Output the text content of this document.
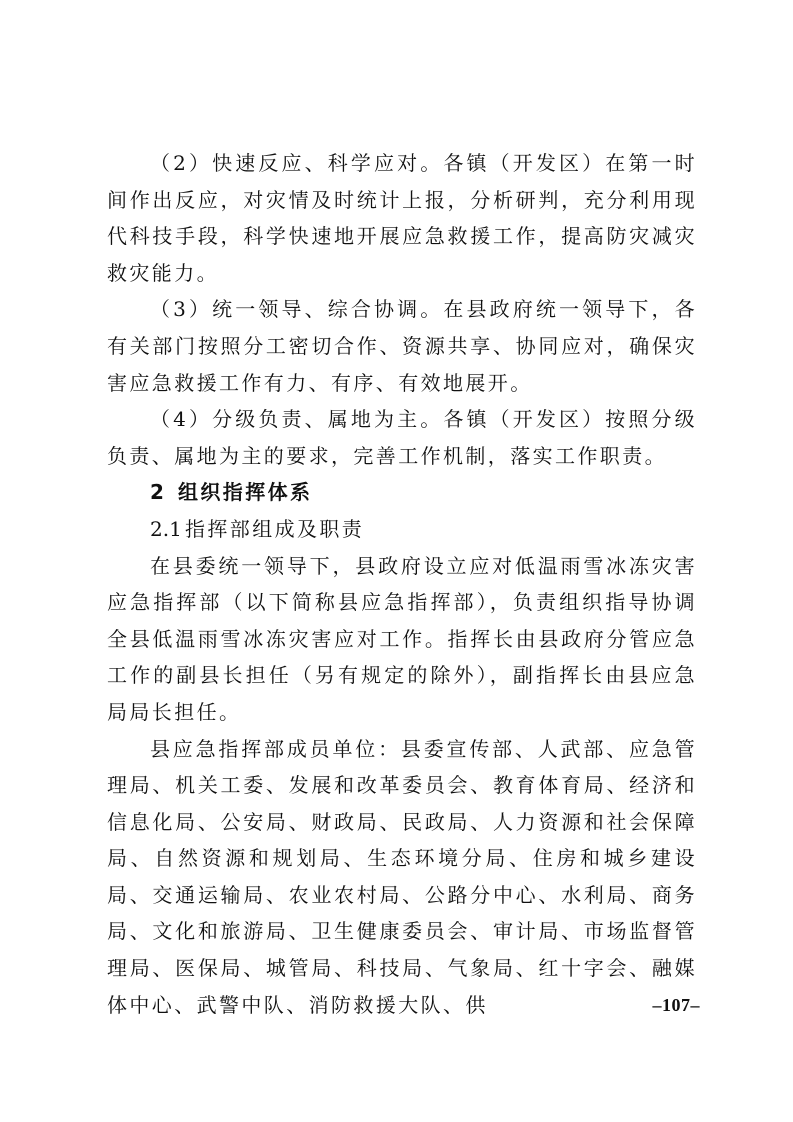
（2）快速反应、科学应对。各镇（开发区）在第一时间作出反应，对灾情及时统计上报，分析研判，充分利用现代科技手段，科学快速地开展应急救援工作，提高防灾减灾救灾能力。

（3）统一领导、综合协调。在县政府统一领导下，各有关部门按照分工密切合作、资源共享、协同应对，确保灾害应急救援工作有力、有序、有效地展开。

（4）分级负责、属地为主。各镇（开发区）按照分级负责、属地为主的要求，完善工作机制，落实工作职责。

2 组织指挥体系

2.1 指挥部组成及职责

在县委统一领导下，县政府设立应对低温雨雪冰冻灾害应急指挥部（以下简称县应急指挥部），负责组织指导协调全县低温雨雪冰冻灾害应对工作。指挥长由县政府分管应急工作的副县长担任（另有规定的除外），副指挥长由县应急局局长担任。

县应急指挥部成员单位：县委宣传部、人武部、应急管理局、机关工委、发展和改革委员会、教育体育局、经济和信息化局、公安局、财政局、民政局、人力资源和社会保障局、自然资源和规划局、生态环境分局、住房和城乡建设局、交通运输局、农业农村局、公路分中心、水利局、商务局、文化和旅游局、卫生健康委员会、审计局、市场监督管理局、医保局、城管局、科技局、气象局、红十字会、融媒体中心、武警中队、消防救援大队、供	–107–
